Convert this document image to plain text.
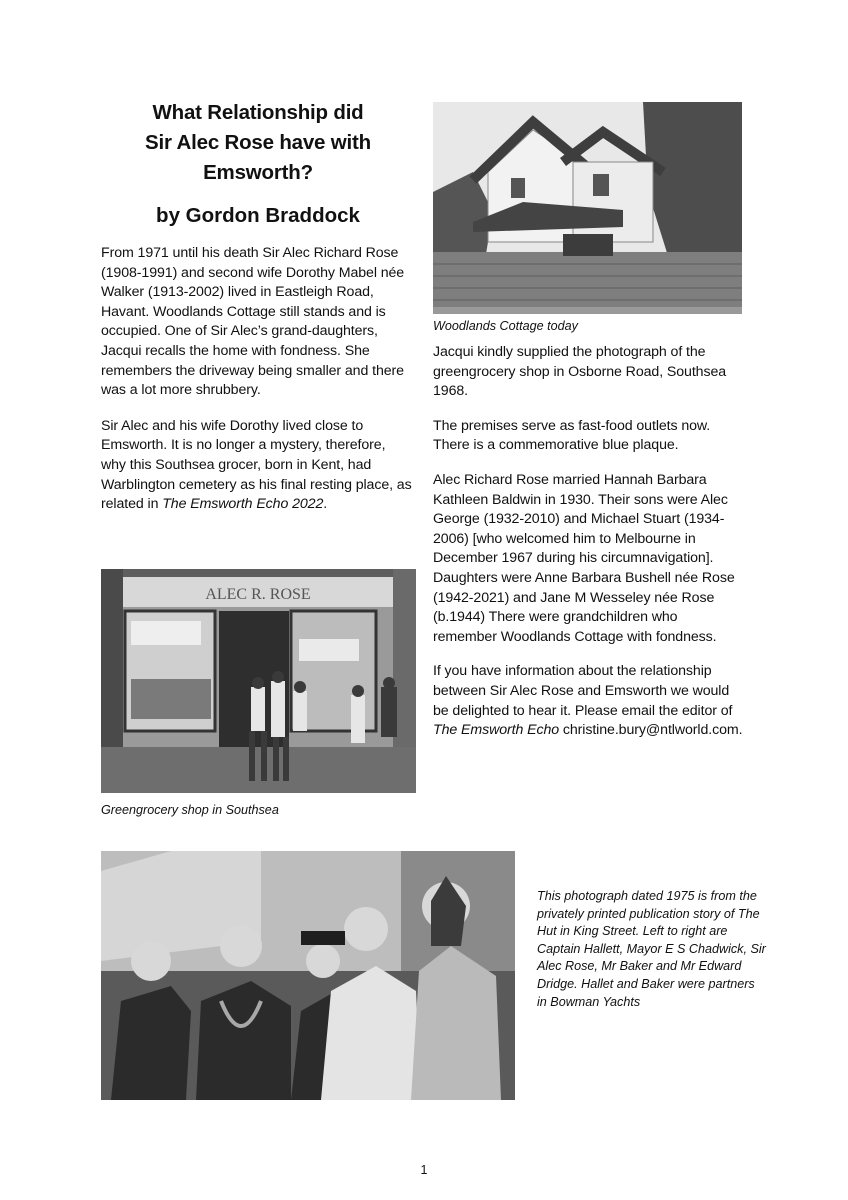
What Relationship did
Sir Alec Rose have with
Emsworth?
by Gordon Braddock

From 1971 until his death Sir Alec Richard Rose (1908-1991) and second wife Dorothy Mabel née Walker (1913-2002) lived in Eastleigh Road, Havant. Woodlands Cottage still stands and is occupied. One of Sir Alec’s grand-daughters, Jacqui recalls the home with fondness. She remembers the driveway being smaller and there was a lot more shrubbery.

Sir Alec and his wife Dorothy lived close to Emsworth. It is no longer a mystery, therefore, why this Southsea grocer, born in Kent, had Warblington cemetery as his final resting place, as related in The Emsworth Echo 2022.

ALEC R. ROSE

Greengrocery shop in Southsea

Woodlands Cottage today

Jacqui kindly supplied the photograph of the greengrocery shop in Osborne Road, Southsea 1968.

The premises serve as fast-food outlets now. There is a commemorative blue plaque.

Alec Richard Rose married Hannah Barbara Kathleen Baldwin in 1930. Their sons were Alec George (1932-2010) and Michael Stuart (1934-2006) [who welcomed him to Melbourne in December 1967 during his circumnavigation]. Daughters were Anne Barbara Bushell née Rose (1942-2021) and Jane M Wesseley née Rose (b.1944) There were grandchildren who remember Woodlands Cottage with fondness.

If you have information about the relationship between Sir Alec Rose and Emsworth we would be delighted to hear it. Please email the editor of The Emsworth Echo christine.bury@ntlworld.com.

This photograph dated 1975 is from the privately printed publication story of The Hut in King Street. Left to right are Captain Hallett, Mayor E S Chadwick, Sir Alec Rose, Mr Baker and Mr Edward Dridge. Hallet and Baker were partners in Bowman Yachts

1
